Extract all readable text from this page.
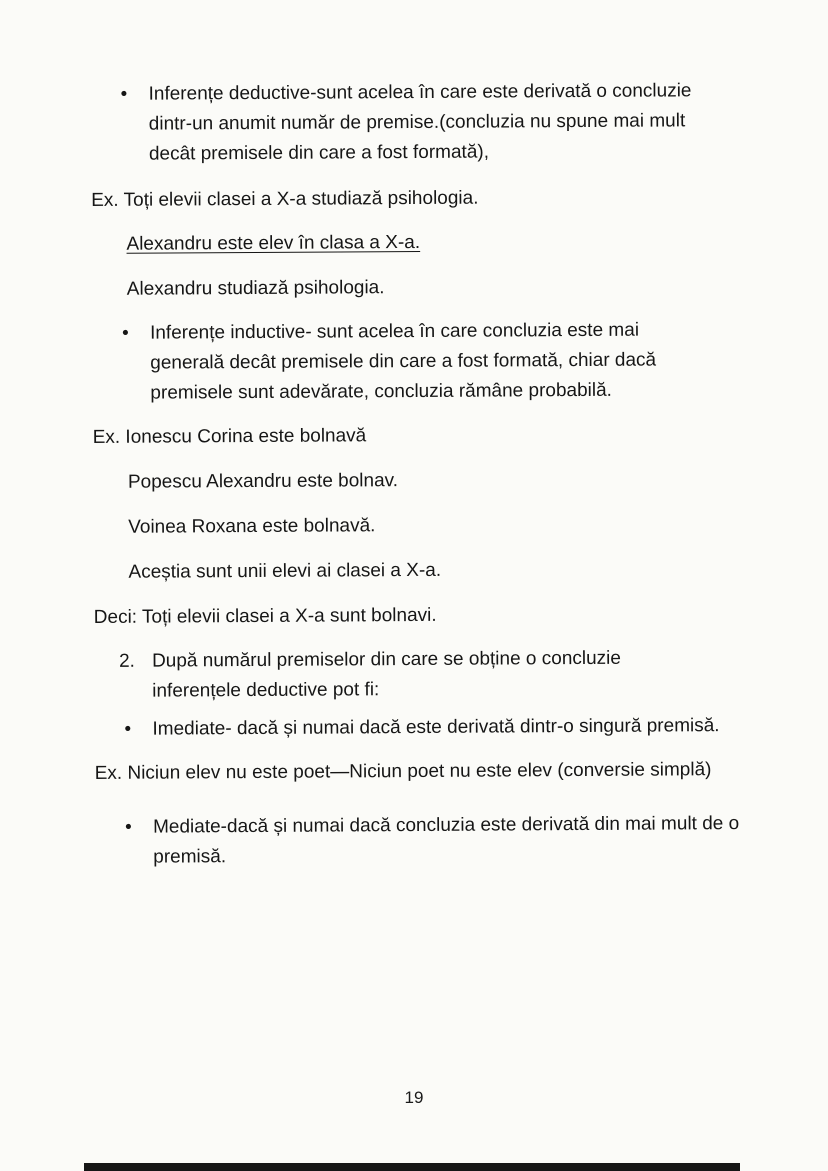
•	Inferențe deductive-sunt acelea în care este derivată o concluzie dintr-un anumit număr de premise.(concluzia nu spune mai mult decât premisele din care a fost formată),

Ex. Toți elevii clasei a X-a studiază psihologia.

Alexandru este elev în clasa a X-a.

Alexandru studiază psihologia.

•	Inferențe inductive- sunt acelea în care concluzia este mai generală decât premisele din care a fost formată, chiar dacă premisele sunt adevărate, concluzia rămâne probabilă.

Ex. Ionescu Corina este bolnavă

Popescu Alexandru este bolnav.

Voinea Roxana este bolnavă.

Aceștia sunt unii elevi ai clasei a X-a.

Deci: Toți elevii clasei a X-a sunt bolnavi.

2. După numărul premiselor din care se obține o concluzie inferențele deductive pot fi:

•	Imediate- dacă și numai dacă este derivată dintr-o singură premisă.

Ex. Niciun elev nu este poet—Niciun poet nu este elev (conversie simplă)

•	Mediate-dacă și numai dacă concluzia este derivată din mai mult de o premisă.

19
